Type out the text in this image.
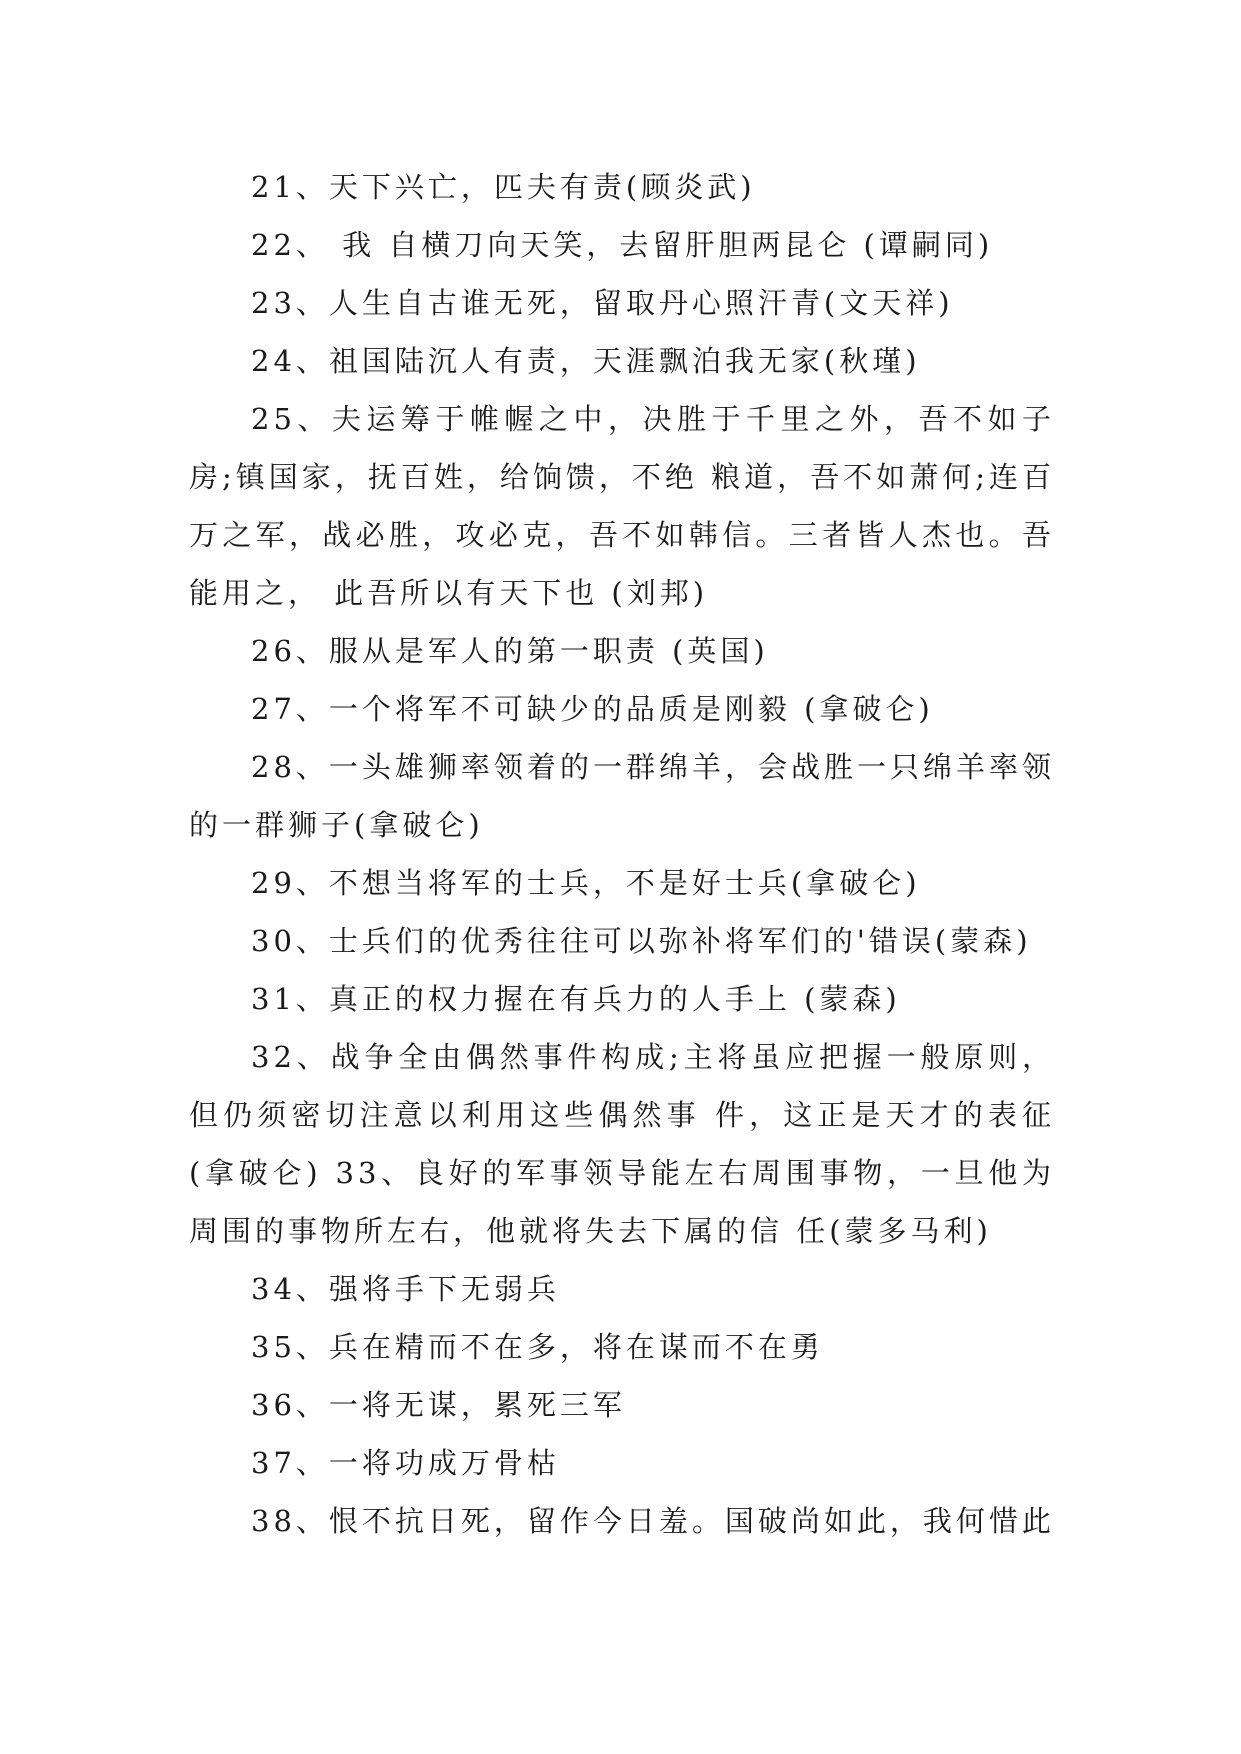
21、天下兴亡，匹夫有责(顾炎武)

22、 我 自横刀向天笑，去留肝胆两昆仑 (谭嗣同)

23、人生自古谁无死，留取丹心照汗青(文天祥)

24、祖国陆沉人有责，天涯飘泊我无家(秋瑾)

25、夫运筹于帷幄之中，决胜于千里之外，吾不如子房;镇国家，抚百姓，给饷馈，不绝 粮道，吾不如萧何;连百万之军，战必胜，攻必克，吾不如韩信。三者皆人杰也。吾能用之， 此吾所以有天下也 (刘邦)

26、服从是军人的第一职责 (英国)

27、一个将军不可缺少的品质是刚毅 (拿破仑)

28、一头雄狮率领着的一群绵羊，会战胜一只绵羊率领的一群狮子(拿破仑)

29、不想当将军的士兵，不是好士兵(拿破仑)

30、士兵们的优秀往往可以弥补将军们的'错误(蒙森)

31、真正的权力握在有兵力的人手上 (蒙森)

32、战争全由偶然事件构成;主将虽应把握一般原则，但仍须密切注意以利用这些偶然事 件，这正是天才的表征(拿破仑) 33、良好的军事领导能左右周围事物，一旦他为周围的事物所左右，他就将失去下属的信 任(蒙多马利)

34、强将手下无弱兵

35、兵在精而不在多，将在谋而不在勇

36、一将无谋，累死三军

37、一将功成万骨枯

38、恨不抗日死，留作今日羞。国破尚如此，我何惜此
